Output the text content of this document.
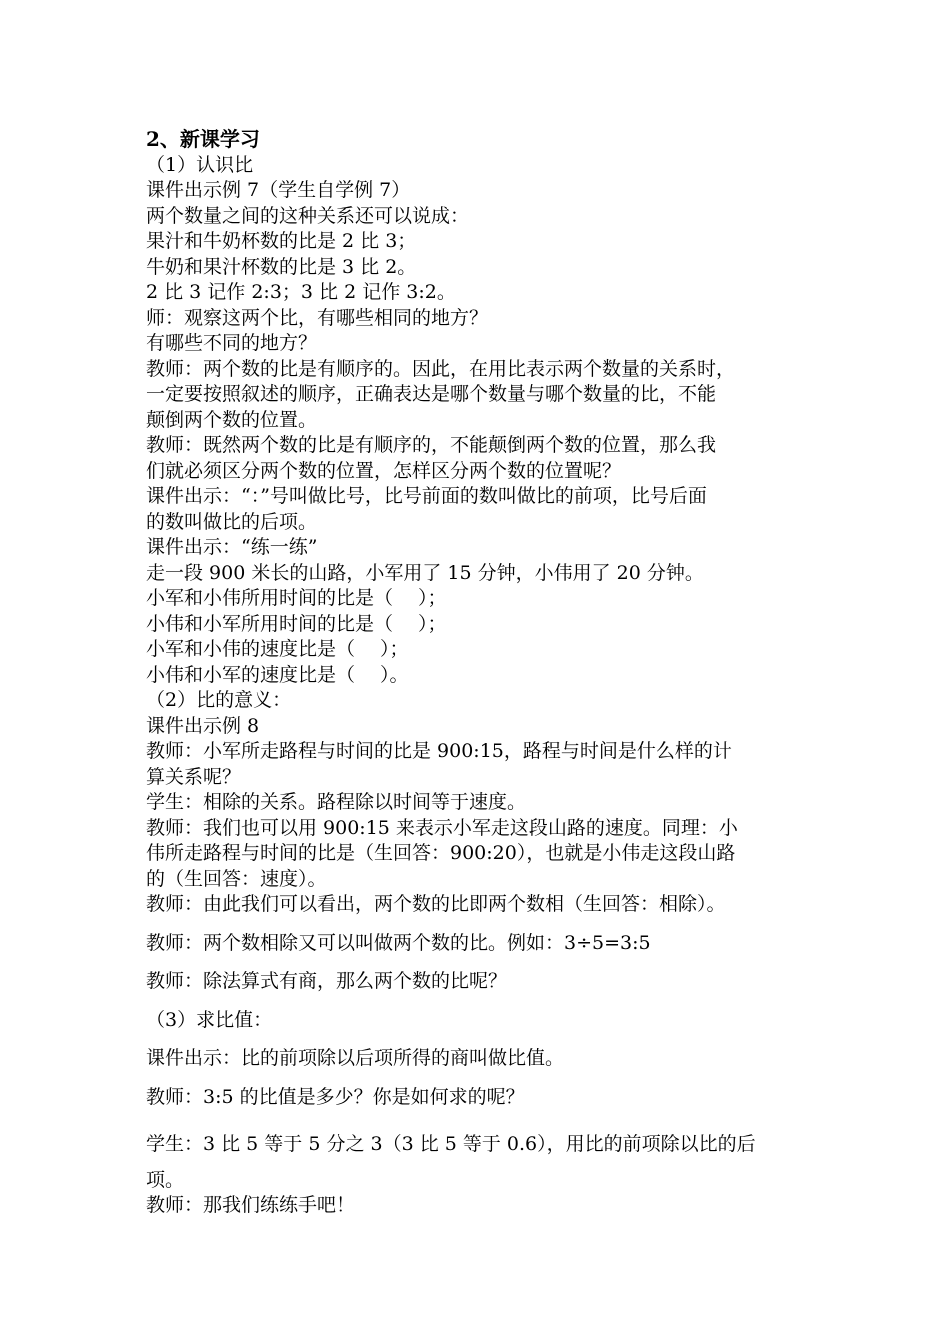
2、新课学习

（1）认识比

课件出示例 7（学生自学例 7）

两个数量之间的这种关系还可以说成：

果汁和牛奶杯数的比是 2 比 3；

牛奶和果汁杯数的比是 3 比 2。

2 比 3 记作 2:3；3 比 2 记作 3:2。

师：观察这两个比，有哪些相同的地方？

有哪些不同的地方？

教师：两个数的比是有顺序的。因此，在用比表示两个数量的关系时，

一定要按照叙述的顺序，正确表达是哪个数量与哪个数量的比，不能

颠倒两个数的位置。

教师：既然两个数的比是有顺序的，不能颠倒两个数的位置，那么我

们就必须区分两个数的位置，怎样区分两个数的位置呢？

课件出示：“：”号叫做比号，比号前面的数叫做比的前项，比号后面

的数叫做比的后项。

课件出示：“练一练”

走一段 900 米长的山路，小军用了 15 分钟，小伟用了 20 分钟。

小军和小伟所用时间的比是（　 ）；

小伟和小军所用时间的比是（　 ）；

小军和小伟的速度比是（　 ）；

小伟和小军的速度比是（　 ）。

（2）比的意义：

课件出示例 8

教师：小军所走路程与时间的比是 900:15，路程与时间是什么样的计

算关系呢？

学生：相除的关系。路程除以时间等于速度。

教师：我们也可以用 900:15 来表示小军走这段山路的速度。同理：小

伟所走路程与时间的比是（生回答：900:20），也就是小伟走这段山路

的（生回答：速度）。

教师：由此我们可以看出，两个数的比即两个数相（生回答：相除）。

教师：两个数相除又可以叫做两个数的比。例如：3÷5=3:5

教师：除法算式有商，那么两个数的比呢？

（3）求比值：

课件出示：比的前项除以后项所得的商叫做比值。

教师：3:5 的比值是多少？你是如何求的呢？

学生：3 比 5 等于 5 分之 3（3 比 5 等于 0.6），用比的前项除以比的后

项。

教师：那我们练练手吧！
